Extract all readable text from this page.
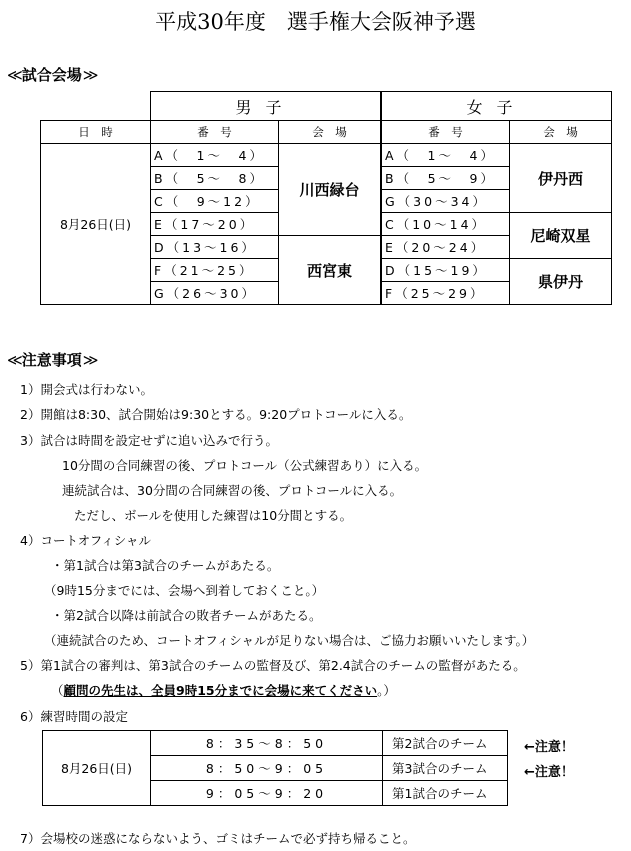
平成30年度　選手権大会阪神予選
≪試合会場≫
	男子		女子	
日　時	番　号	会　場		番　号	会　場
8月26日(日)	A（　1～　4）	川西緑台		A（　1～　4）	伊丹西
	B（　5～　8）		B（　5～　9）	
	C（　9～12）		G（30～34）	
	E（17～20）		C（10～14）	尼崎双星
	D（13～16）	西宮東	E（20～24）	
	F（21～25）		D（15～19）	県伊丹
	G（26～30）		F（25～29）	
≪注意事項≫
1）開会式は行わない。
2）開館は8:30、試合開始は9:30とする。9:20プロトコールに入る。
3）試合は時間を設定せずに追い込みで行う。
10分間の合同練習の後、プロトコール（公式練習あり）に入る。
連続試合は、30分間の合同練習の後、プロトコールに入る。
ただし、ボールを使用した練習は10分間とする。
4）コートオフィシャル
・第1試合は第3試合のチームがあたる。
（9時15分までには、会場へ到着しておくこと。）
・第2試合以降は前試合の敗者チームがあたる。
（連続試合のため、コートオフィシャルが足りない場合は、ご協力お願いいたします。）
5）第1試合の審判は、第3試合のチームの監督及び、第2.4試合のチームの監督があたる。
（顧問の先生は、全員9時15分までに会場に来てください。）
6）練習時間の設定
8月26日(日)	8：35～8：50	第2試合のチーム
	8：50～9：05	第3試合のチーム
	9：05～9：20	第1試合のチーム
←注意！
←注意！
7）会場校の迷惑にならないよう、ゴミはチームで必ず持ち帰ること。
